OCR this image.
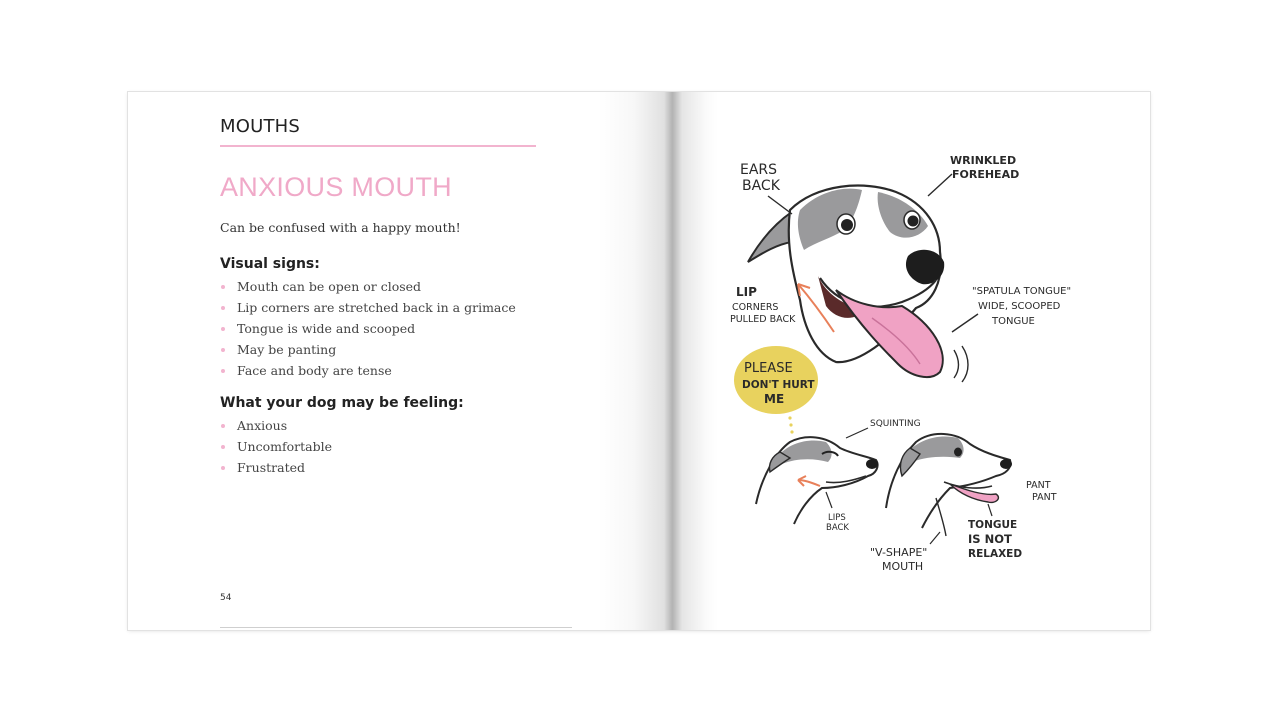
MOUTHS
ANXIOUS MOUTH
Can be confused with a happy mouth!
Visual signs:
Mouth can be open or closed
Lip corners are stretched back in a grimace
Tongue is wide and scooped
May be panting
Face and body are tense
What your dog may be feeling:
Anxious
Uncomfortable
Frustrated
54
EARS
BACK
WRINKLED
FOREHEAD
LIP
CORNERS
PULLED BACK
"SPATULA TONGUE"
WIDE, SCOOPED
TONGUE
PLEASE
DON'T HURT
ME
SQUINTING
LIPS
BACK
PANT
PANT
TONGUE
IS NOT
RELAXED
"V-SHAPE"
MOUTH
